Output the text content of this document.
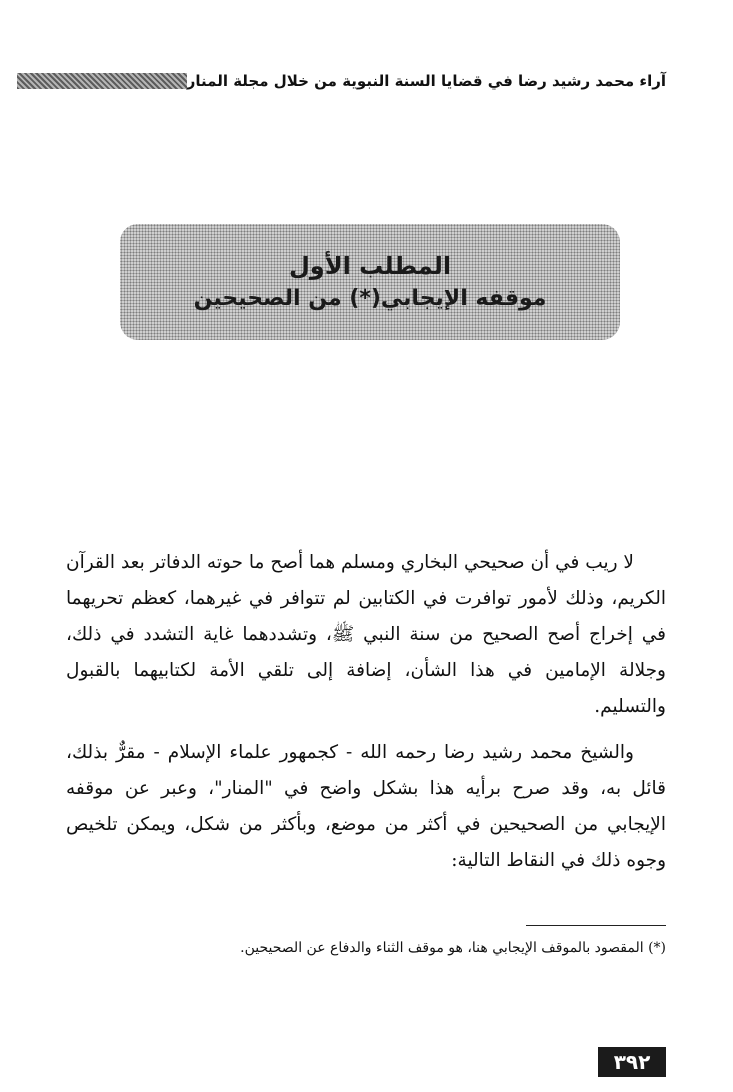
آراء محمد رشيد رضا في قضايا السنة النبوية من خلال مجلة المنار
المطلب الأول
موقفه الإيجابي(*) من الصحيحين

لا ريب في أن صحيحي البخاري ومسلم هما أصح ما حوته الدفاتر بعد القرآن الكريم، وذلك لأمور توافرت في الكتابين لم تتوافر في غيرهما، كعظم تحريهما في إخراج أصح الصحيح من سنة النبي ﷺ، وتشددهما غاية التشدد في ذلك، وجلالة الإمامين في هذا الشأن، إضافة إلى تلقي الأمة لكتابيهما بالقبول والتسليم.

والشيخ محمد رشيد رضا رحمه الله - كجمهور علماء الإسلام - مقرٌّ بذلك، قائل به، وقد صرح برأيه هذا بشكل واضح في "المنار"، وعبر عن موقفه الإيجابي من الصحيحين في أكثر من موضع، وبأكثر من شكل، ويمكن تلخيص وجوه ذلك في النقاط التالية:

(*) المقصود بالموقف الإيجابي هنا، هو موقف الثناء والدفاع عن الصحيحين.
٣٩٢
